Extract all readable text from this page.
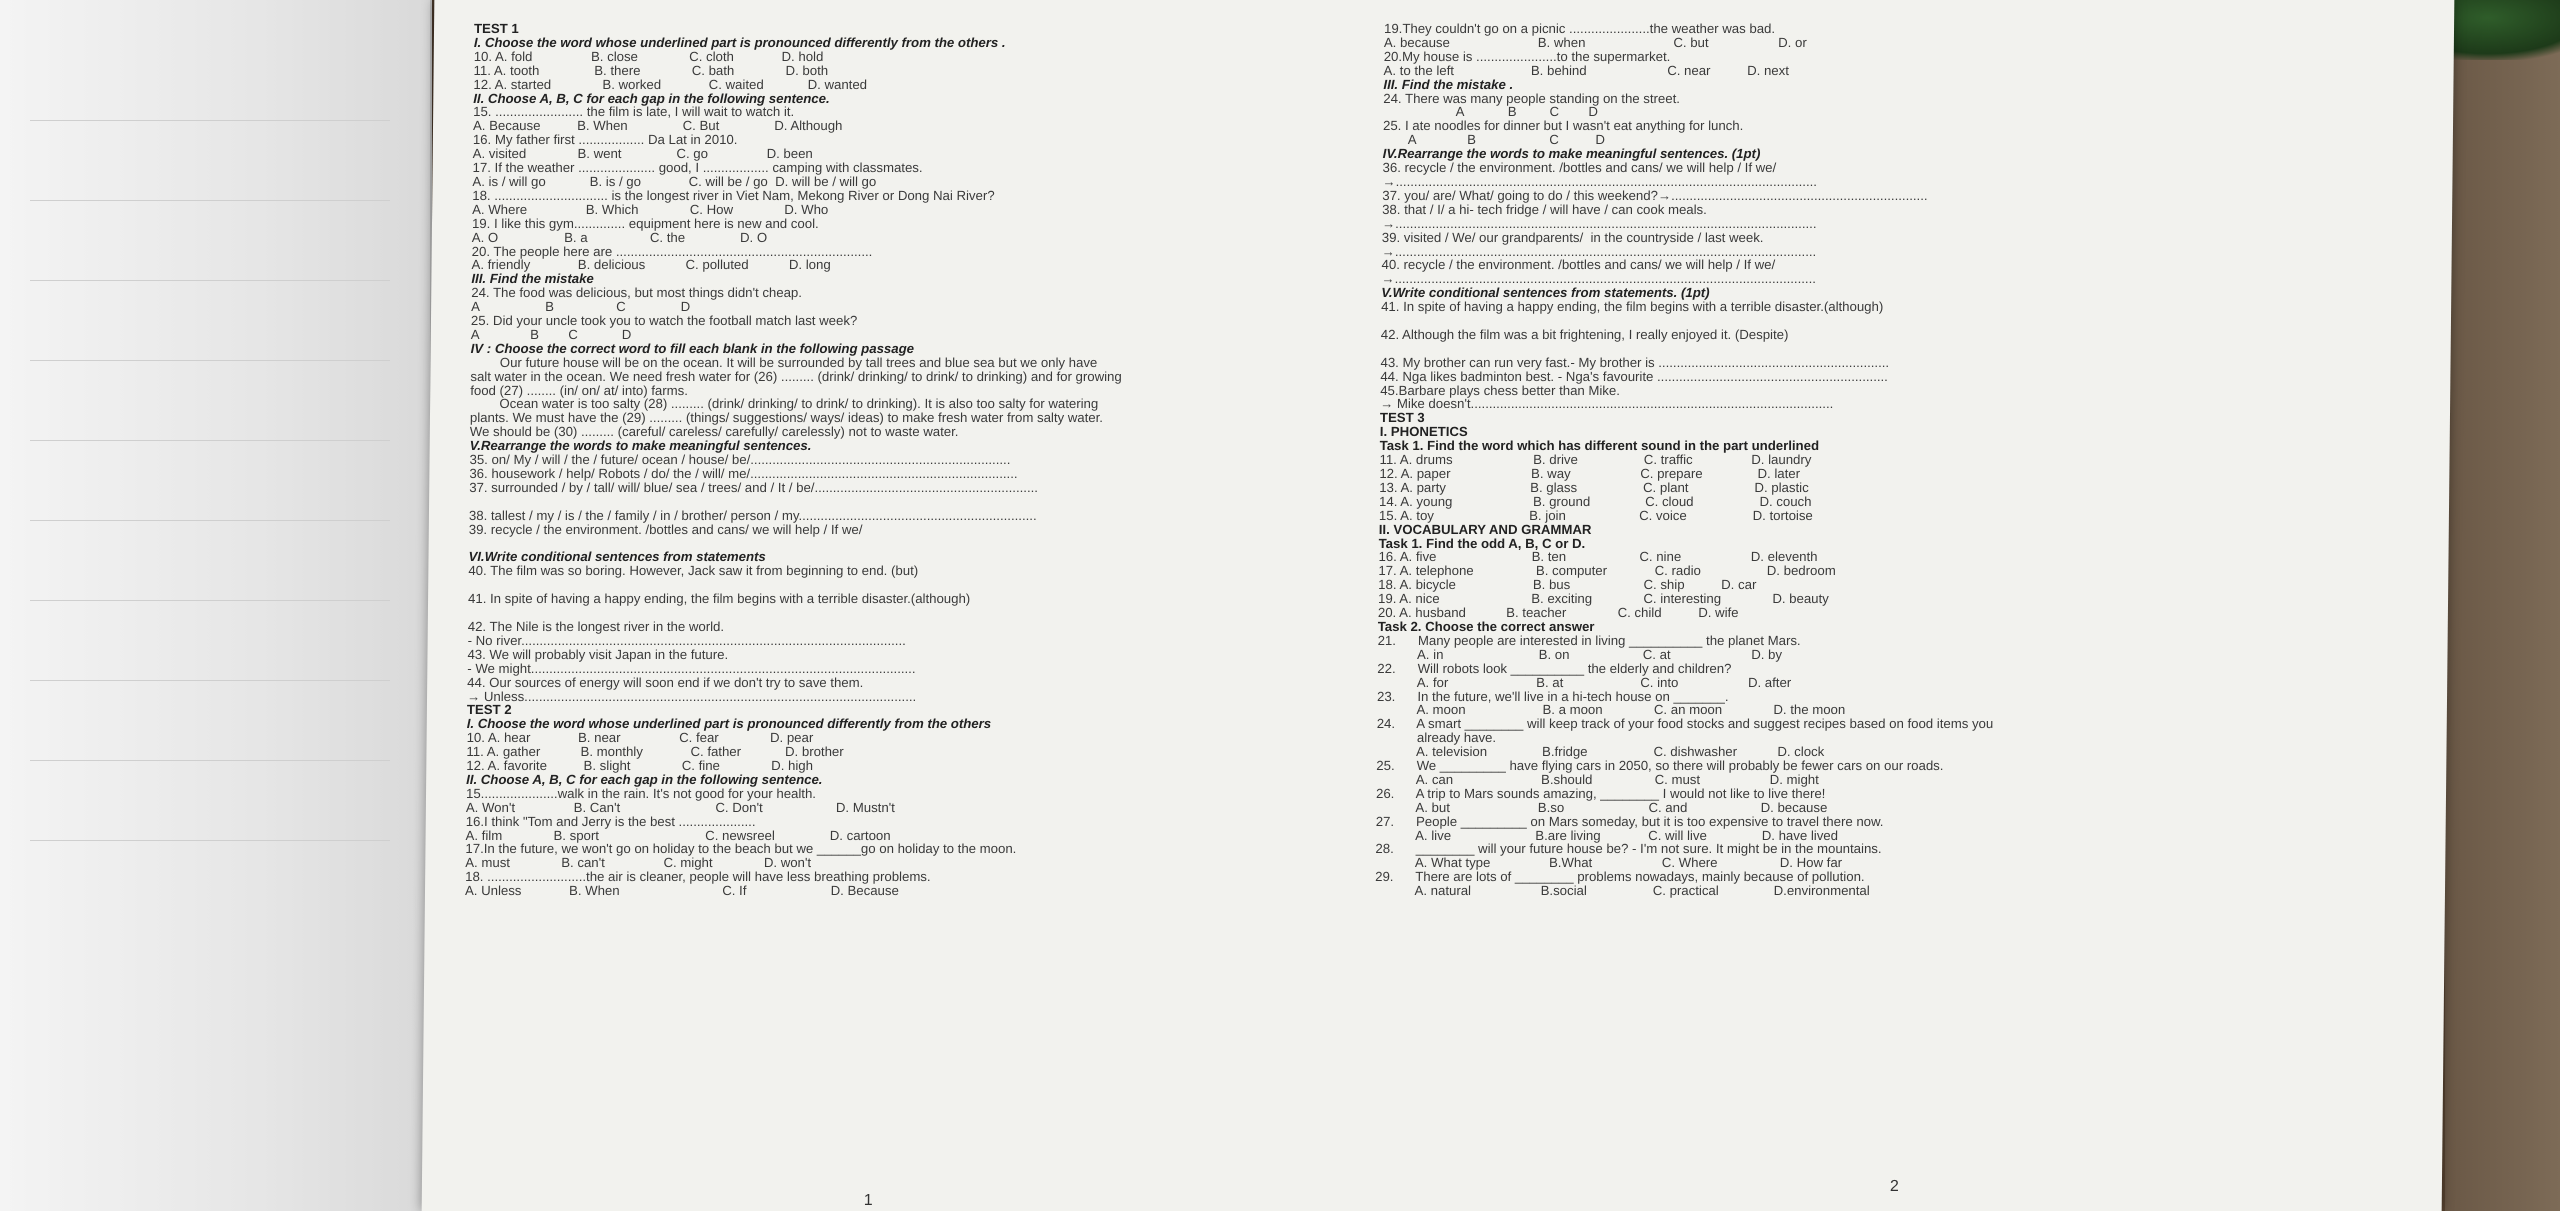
TEST 1
I. Choose the word whose underlined part is pronounced differently from the others .
10. A. fold                B. close              C. cloth             D. hold
11. A. tooth               B. there              C. bath              D. both
12. A. started              B. worked             C. waited            D. wanted
II. Choose A, B, C for each gap in the following sentence.
15. ........................ the film is late, I will wait to watch it.
A. Because          B. When               C. But               D. Although
16. My father first .................. Da Lat in 2010.
A. visited              B. went               C. go                D. been
17. If the weather ..................... good, I .................. camping with classmates.
A. is / will go            B. is / go             C. will be / go  D. will be / will go
18. ............................... is the longest river in Viet Nam, Mekong River or Dong Nai River?
A. Where                B. Which              C. How              D. Who
19. I like this gym.............. equipment here is new and cool.
A. O                  B. a                 C. the               D. O
20. The people here are ......................................................................
A. friendly             B. delicious           C. polluted           D. long
III. Find the mistake
24. The food was delicious, but most things didn't cheap.
A                  B                 C               D
25. Did your uncle took you to watch the football match last week?
A              B        C            D
IV : Choose the correct word to fill each blank in the following passage
Our future house will be on the ocean. It will be surrounded by tall trees and blue sea but we only have
salt water in the ocean. We need fresh water for (26) ......... (drink/ drinking/ to drink/ to drinking) and for growing
food (27) ........ (in/ on/ at/ into) farms.
Ocean water is too salty (28) ......... (drink/ drinking/ to drink/ to drinking). It is also too salty for watering
plants. We must have the (29) ......... (things/ suggestions/ ways/ ideas) to make fresh water from salty water.
We should be (30) ......... (careful/ careless/ carefully/ carelessly) not to waste water.
V.Rearrange the words to make meaningful sentences.
35. on/ My / will / the / future/ ocean / house/ be/.......................................................................
36. housework / help/ Robots / do/ the / will/ me/.........................................................................
37. surrounded / by / tall/ will/ blue/ sea / trees/ and / It / be/.............................................................
​
38. tallest / my / is / the / family / in / brother/ person / my.................................................................
39. recycle / the environment. /bottles and cans/ we will help / If we/
​
VI.Write conditional sentences from statements
40. The film was so boring. However, Jack saw it from beginning to end. (but)
​
41. In spite of having a happy ending, the film begins with a terrible disaster.(although)
​
42. The Nile is the longest river in the world.
- No river.........................................................................................................
43. We will probably visit Japan in the future.
- We might.........................................................................................................
44. Our sources of energy will soon end if we don't try to save them.
→ Unless...........................................................................................................
TEST 2
I. Choose the word whose underlined part is pronounced differently from the others
10. A. hear             B. near                C. fear              D. pear
11. A. gather           B. monthly             C. father            D. brother
12. A. favorite          B. slight              C. fine              D. high
II. Choose A, B, C for each gap in the following sentence.
15.....................walk in the rain. It's not good for your health.
A. Won't                B. Can't                          C. Don't                    D. Mustn't
16.I think "Tom and Jerry is the best .....................
A. film              B. sport                             C. newsreel               D. cartoon
17.In the future, we won't go on holiday to the beach but we ______go on holiday to the moon.
A. must              B. can't                C. might              D. won't
18. ...........................the air is cleaner, people will have less breathing problems.
A. Unless             B. When                            C. If                       D. Because
19.They couldn't go on a picnic ......................the weather was bad.
A. because                        B. when                        C. but                   D. or
20.My house is ......................to the supermarket.
A. to the left                     B. behind                      C. near          D. next
III. Find the mistake .
24. There was many people standing on the street.
A            B         C        D
25. I ate noodles for dinner but I wasn't eat anything for lunch.
A              B                    C          D
IV.Rearrange the words to make meaningful sentences. (1pt)
36. recycle / the environment. /bottles and cans/ we will help / If we/
→...................................................................................................................
37. you/ are/ What/ going to do / this weekend?→......................................................................
38. that / I/ a hi- tech fridge / will have / can cook meals.
→...................................................................................................................
39. visited / We/ our grandparents/  in the countryside / last week.
→...................................................................................................................
40. recycle / the environment. /bottles and cans/ we will help / If we/
→...................................................................................................................
V.Write conditional sentences from statements. (1pt)
41. In spite of having a happy ending, the film begins with a terrible disaster.(although)
​
42. Although the film was a bit frightening, I really enjoyed it. (Despite)
​
43. My brother can run very fast.- My brother is ...............................................................
44. Nga likes badminton best. - Nga's favourite ...............................................................
45.Barbare plays chess better than Mike.
→ Mike doesn't...................................................................................................
TEST 3
I. PHONETICS
Task 1. Find the word which has different sound in the part underlined
11. A. drums                      B. drive                  C. traffic                D. laundry
12. A. paper                      B. way                   C. prepare               D. later
13. A. party                       B. glass                  C. plant                  D. plastic
14. A. young                      B. ground               C. cloud                  D. couch
15. A. toy                          B. join                    C. voice                  D. tortoise
II. VOCABULARY AND GRAMMAR
Task 1. Find the odd A, B, C or D.
16. A. five                          B. ten                    C. nine                   D. eleventh
17. A. telephone                 B. computer             C. radio                  D. bedroom
18. A. bicycle                     B. bus                    C. ship          D. car
19. A. nice                         B. exciting              C. interesting              D. beauty
20. A. husband           B. teacher              C. child          D. wife
Task 2. Choose the correct answer
21.      Many people are interested in living __________ the planet Mars.
A. in                          B. on                    C. at                      D. by
22.      Will robots look __________ the elderly and children?
A. for                        B. at                     C. into                   D. after
23.      In the future, we'll live in a hi-tech house on _______.
A. moon                     B. a moon              C. an moon              D. the moon
24.      A smart ________ will keep track of your food stocks and suggest recipes based on food items you
already have.
A. television               B.fridge                  C. dishwasher           D. clock
25.      We _________ have flying cars in 2050, so there will probably be fewer cars on our roads.
A. can                        B.should                 C. must                   D. might
26.      A trip to Mars sounds amazing, ________ I would not like to live there!
A. but                        B.so                       C. and                    D. because
27.      People _________ on Mars someday, but it is too expensive to travel there now.
A. live                       B.are living             C. will live               D. have lived
28.      ________ will your future house be? - I'm not sure. It might be in the mountains.
A. What type                B.What                   C. Where                 D. How far
29.      There are lots of ________ problems nowadays, mainly because of pollution.
A. natural                   B.social                  C. practical               D.environmental
1
2
